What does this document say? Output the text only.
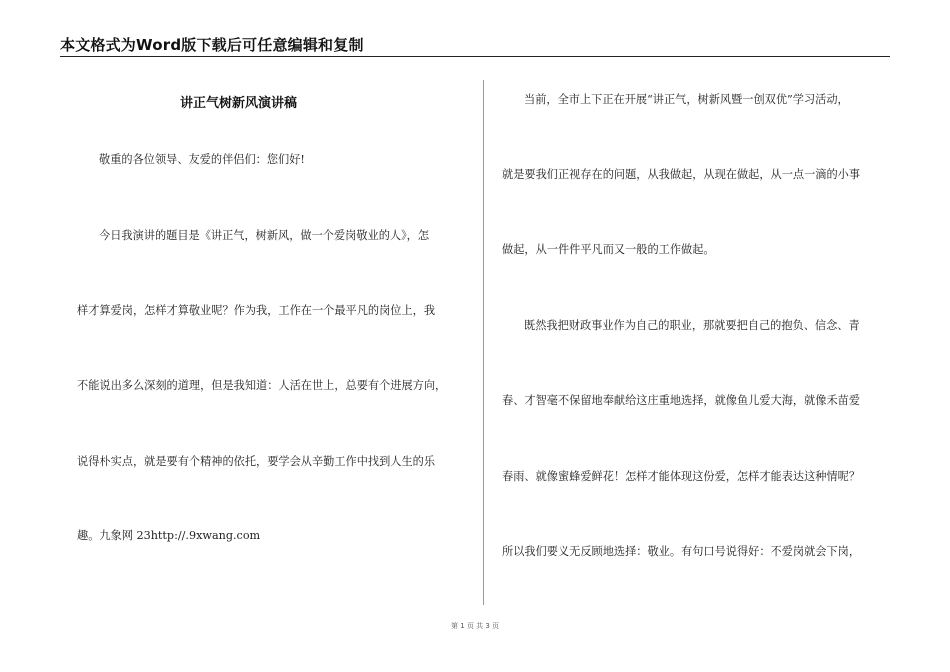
本文格式为Word版下载后可任意编辑和复制
讲正气树新风演讲稿
敬重的各位领导、友爱的伴侣们：您们好!
今日我演讲的题目是《讲正气，树新风，做一个爱岗敬业的人》，怎
样才算爱岗，怎样才算敬业呢？作为我，工作在一个最平凡的岗位上，我
不能说出多么深刻的道理，但是我知道：人活在世上，总要有个进展方向，
说得朴实点，就是要有个精神的依托，要学会从辛勤工作中找到人生的乐
趣。九象网 23http://.9xwang.com
当前，全市上下正在开展“讲正气，树新风暨一创双优”学习活动，
就是要我们正视存在的问题，从我做起，从现在做起，从一点一滴的小事
做起，从一件件平凡而又一般的工作做起。
既然我把财政事业作为自己的职业，那就要把自己的抱负、信念、青
春、才智毫不保留地奉献给这庄重地选择，就像鱼儿爱大海，就像禾苗爱
春雨、就像蜜蜂爱鲜花！怎样才能体现这份爱，怎样才能表达这种情呢？
所以我们要义无反顾地选择：敬业。有句口号说得好：不爱岗就会下岗，
第 1 页 共 3 页
